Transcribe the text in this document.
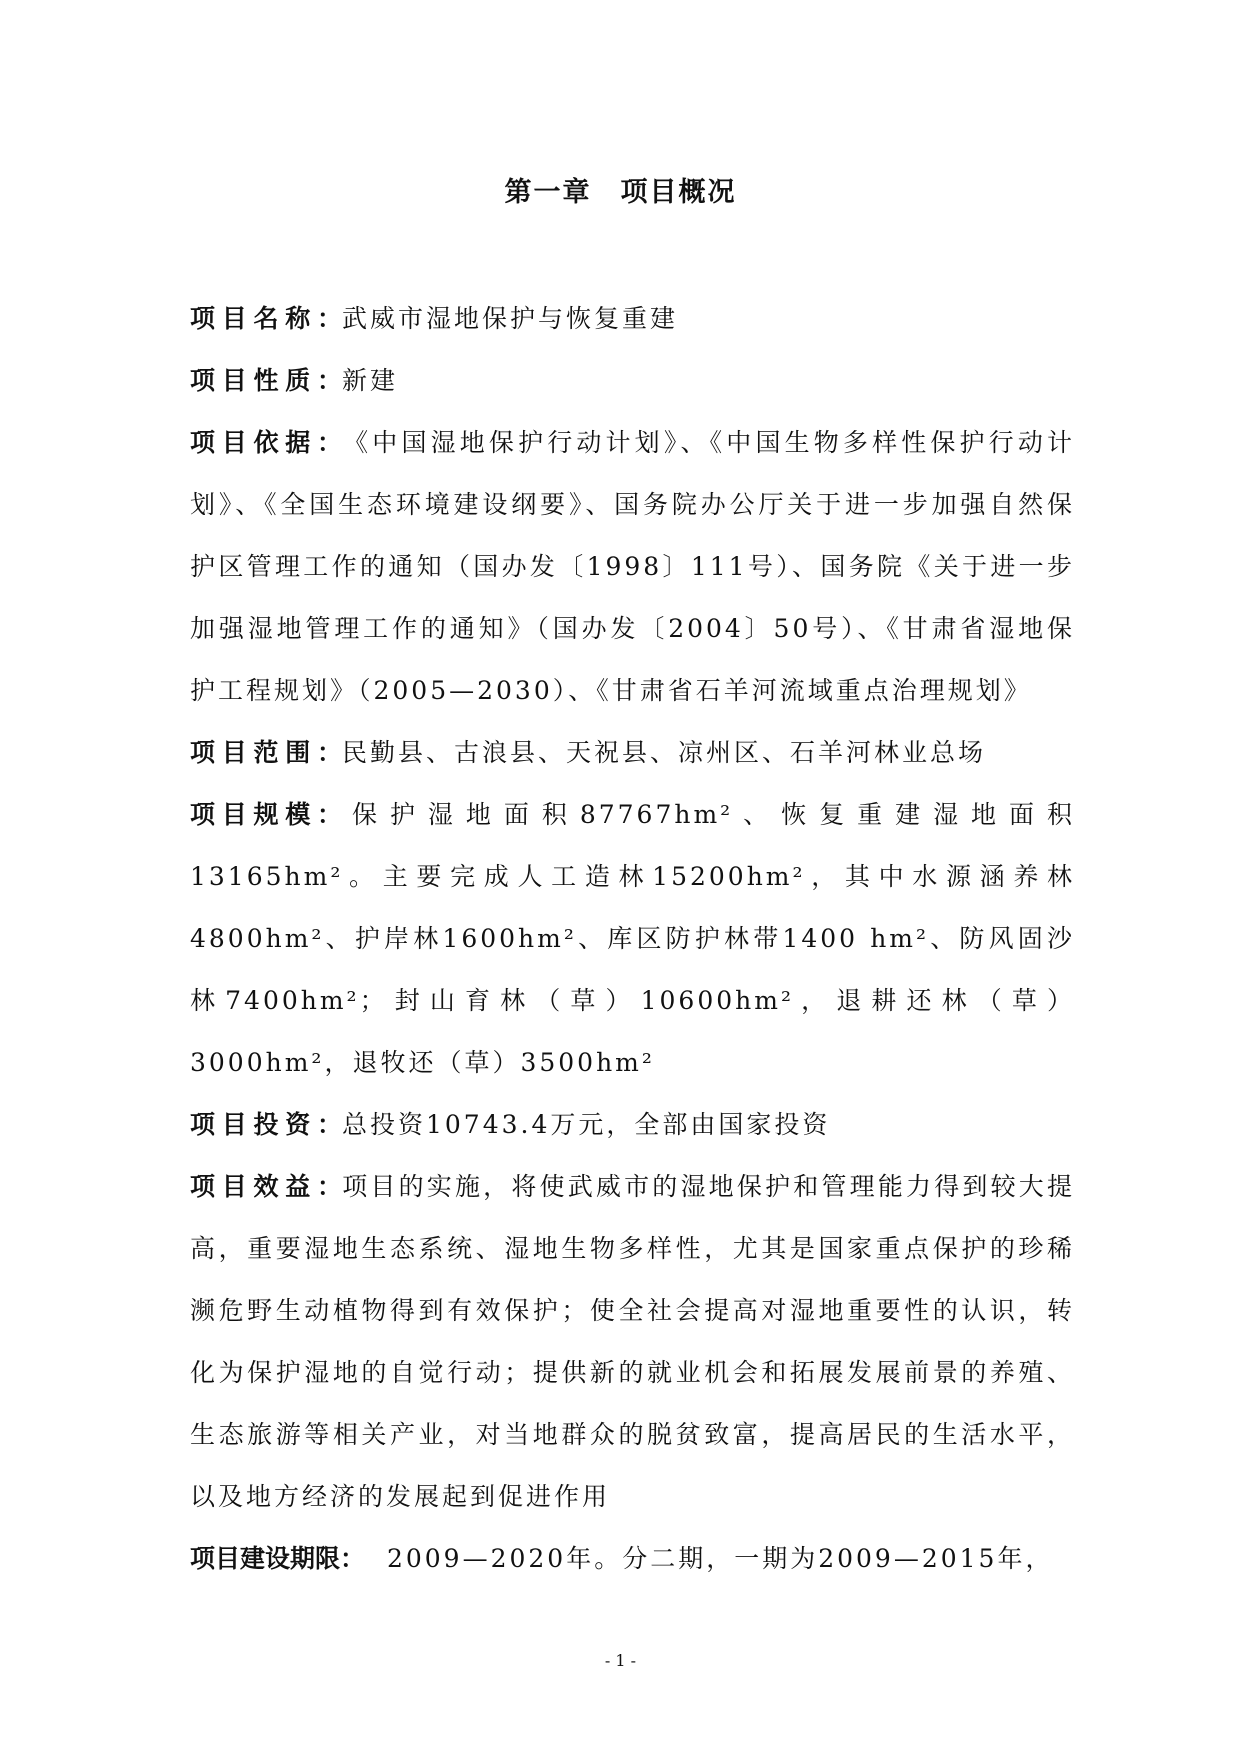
第一章　项目概况

项目名称：武威市湿地保护与恢复重建

项目性质：新建

项目依据：《中国湿地保护行动计划》、《中国生物多样性保护行动计划》、《全国生态环境建设纲要》、国务院办公厅关于进一步加强自然保护区管理工作的通知（国办发〔1998〕111号）、国务院《关于进一步加强湿地管理工作的通知》（国办发〔2004〕50号）、《甘肃省湿地保护工程规划》（2005—2030）、《甘肃省石羊河流域重点治理规划》

项目范围：民勤县、古浪县、天祝县、凉州区、石羊河林业总场

项目规模：保护湿地面积87767hm²、恢复重建湿地面积13165hm²。主要完成人工造林15200hm²，其中水源涵养林4800hm²、护岸林1600hm²、库区防护林带1400 hm²、防风固沙林7400hm²；封山育林（草）10600hm²，退耕还林（草）3000hm²，退牧还（草）3500hm²

项目投资：总投资10743.4万元，全部由国家投资

项目效益：项目的实施，将使武威市的湿地保护和管理能力得到较大提高，重要湿地生态系统、湿地生物多样性，尤其是国家重点保护的珍稀濒危野生动植物得到有效保护；使全社会提高对湿地重要性的认识，转化为保护湿地的自觉行动；提供新的就业机会和拓展发展前景的养殖、生态旅游等相关产业，对当地群众的脱贫致富，提高居民的生活水平，以及地方经济的发展起到促进作用

项目建设期限： 2009—2020年。分二期，一期为2009—2015年，

- 1 -
